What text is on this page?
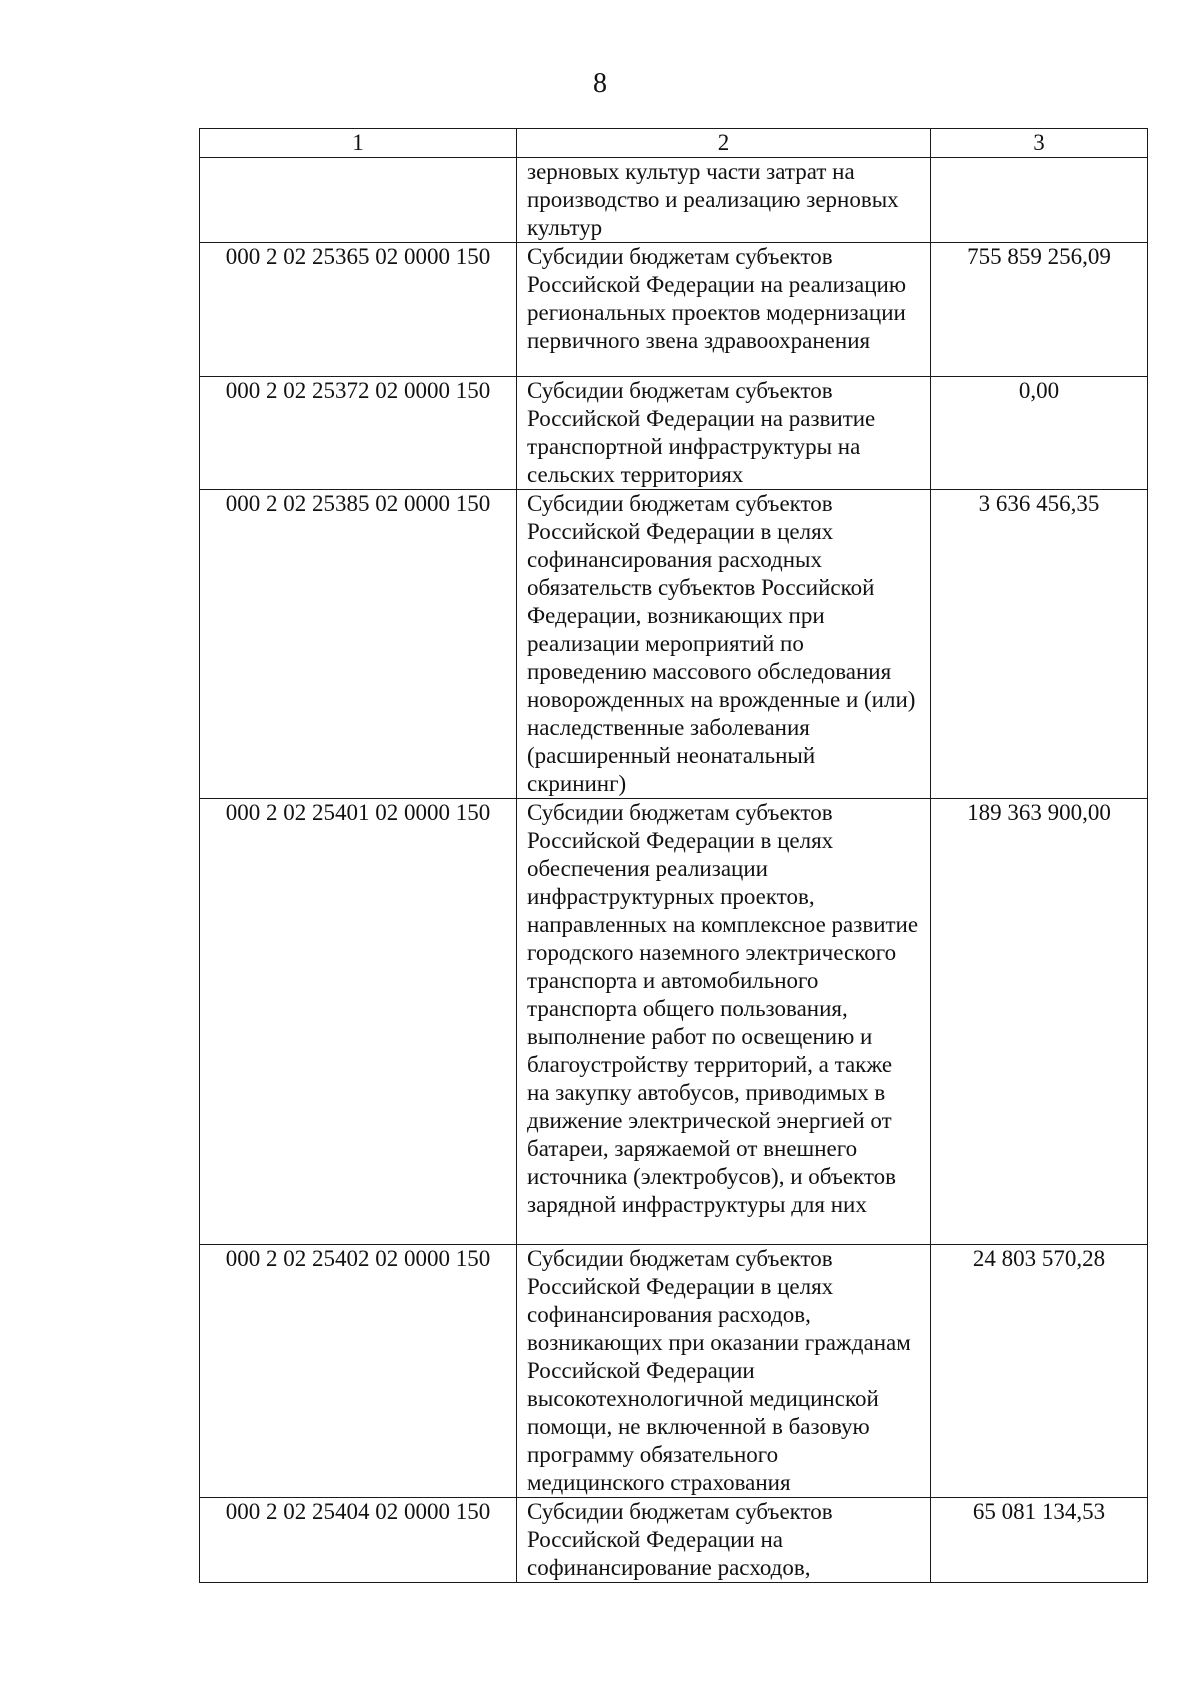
8
1	2	3
	зерновых культур части затрат на производство и реализацию зерновых культур	
000 2 02 25365 02 0000 150	Субсидии бюджетам субъектов Российской Федерации на реализацию региональных проектов модернизации первичного звена здравоохранения	755 859 256,09
000 2 02 25372 02 0000 150	Субсидии бюджетам субъектов Российской Федерации на развитие транспортной инфраструктуры на сельских территориях	0,00
000 2 02 25385 02 0000 150	Субсидии бюджетам субъектов Российской Федерации в целях софинансирования расходных обязательств субъектов Российской Федерации, возникающих при реализации мероприятий по проведению массового обследования новорожденных на врожденные и (или) наследственные заболевания (расширенный неонатальный скрининг)	3 636 456,35
000 2 02 25401 02 0000 150	Субсидии бюджетам субъектов Российской Федерации в целях обеспечения реализации инфраструктурных проектов, направленных на комплексное развитие городского наземного электрического транспорта и автомобильного транспорта общего пользования, выполнение работ по освещению и благоустройству территорий, а также на закупку автобусов, приводимых в движение электрической энергией от батареи, заряжаемой от внешнего источника (электробусов), и объектов зарядной инфраструктуры для них	189 363 900,00
000 2 02 25402 02 0000 150	Субсидии бюджетам субъектов Российской Федерации в целях софинансирования расходов, возникающих при оказании гражданам Российской Федерации высокотехнологичной медицинской помощи, не включенной в базовую программу обязательного медицинского страхования	24 803 570,28
000 2 02 25404 02 0000 150	Субсидии бюджетам субъектов Российской Федерации на софинансирование расходов,	65 081 134,53
